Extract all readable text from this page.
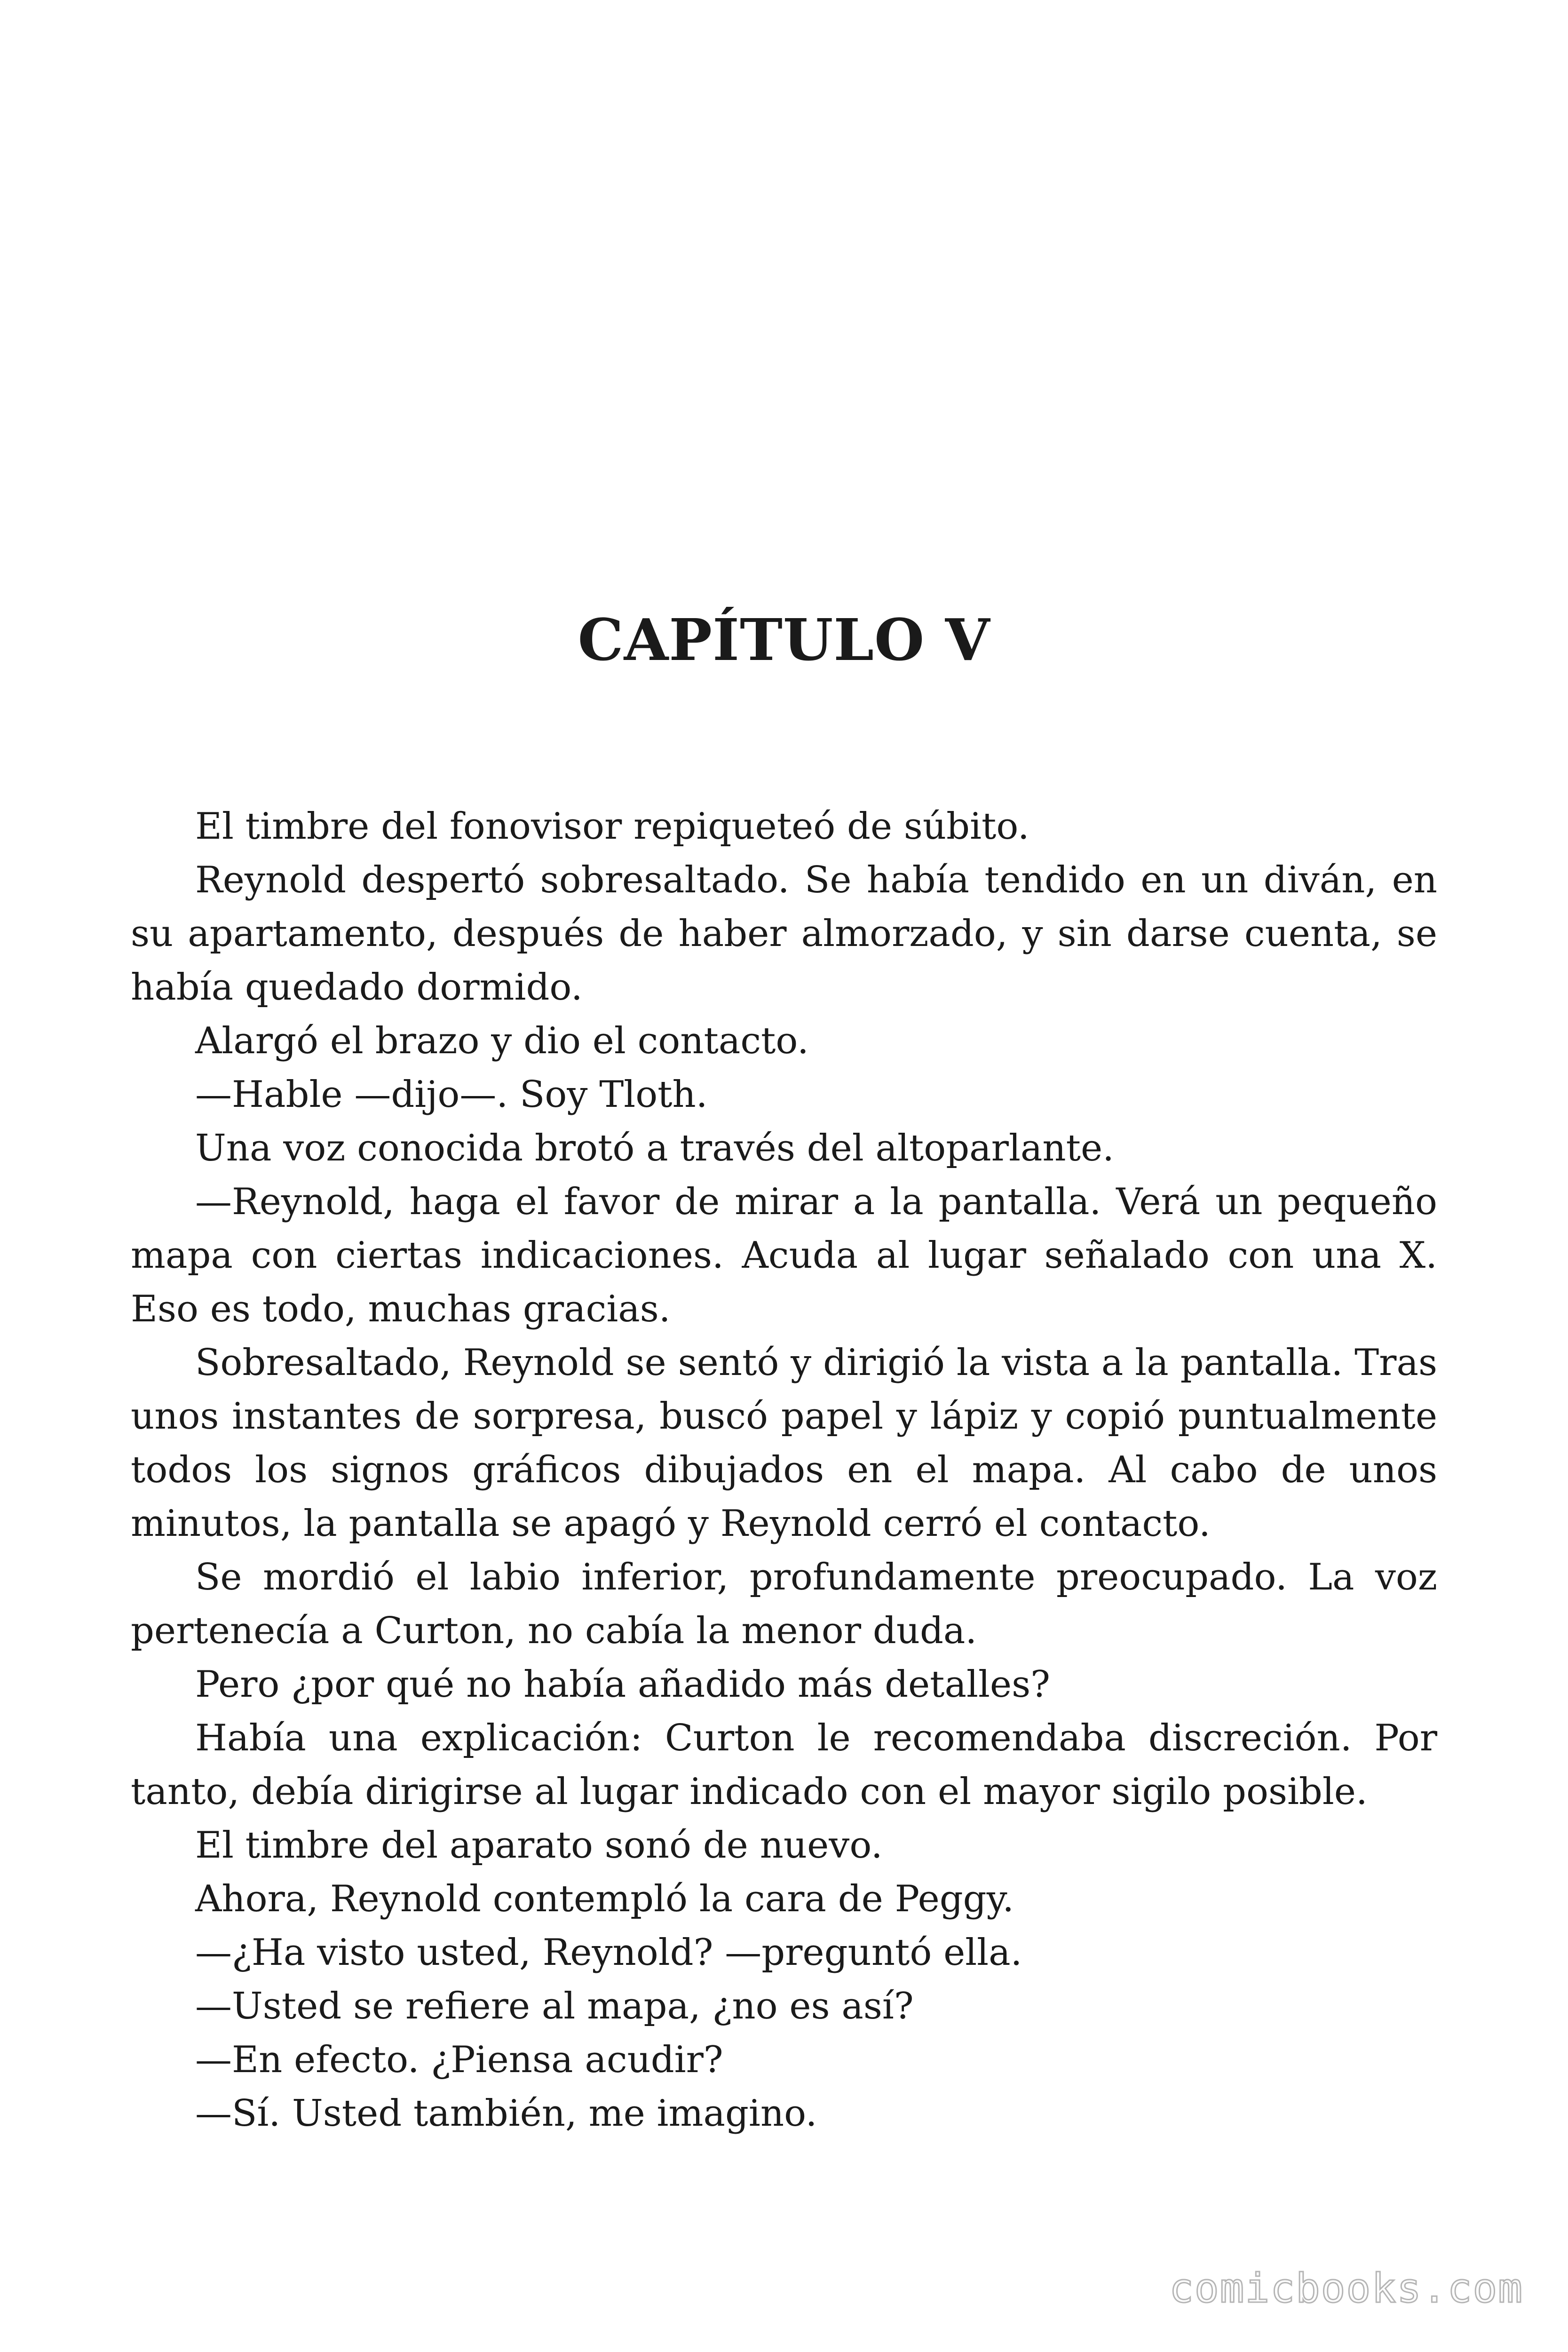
CAPÍTULO V

El timbre del fonovisor repiqueteó de súbito.

Reynold despertó sobresaltado. Se había tendido en un diván, en su apartamento, después de haber almorzado, y sin darse cuenta, se había quedado dormido.

Alargó el brazo y dio el contacto.

—Hable —dijo—. Soy Tloth.

Una voz conocida brotó a través del altoparlante.

—Reynold, haga el favor de mirar a la pantalla. Verá un pequeño mapa con ciertas indicaciones. Acuda al lugar señalado con una X. Eso es todo, muchas gracias.

Sobresaltado, Reynold se sentó y dirigió la vista a la pantalla. Tras unos instantes de sorpresa, buscó papel y lápiz y copió puntualmente todos los signos gráficos dibujados en el mapa. Al cabo de unos minutos, la pantalla se apagó y Reynold cerró el contacto.

Se mordió el labio inferior, profundamente preocupado. La voz pertenecía a Curton, no cabía la menor duda.

Pero ¿por qué no había añadido más detalles?

Había una explicación: Curton le recomendaba discreción. Por tanto, debía dirigirse al lugar indicado con el mayor sigilo posible.

El timbre del aparato sonó de nuevo.

Ahora, Reynold contempló la cara de Peggy.

—¿Ha visto usted, Reynold? —preguntó ella.

—Usted se refiere al mapa, ¿no es así?

—En efecto. ¿Piensa acudir?

—Sí. Usted también, me imagino.

comicbooks.com
